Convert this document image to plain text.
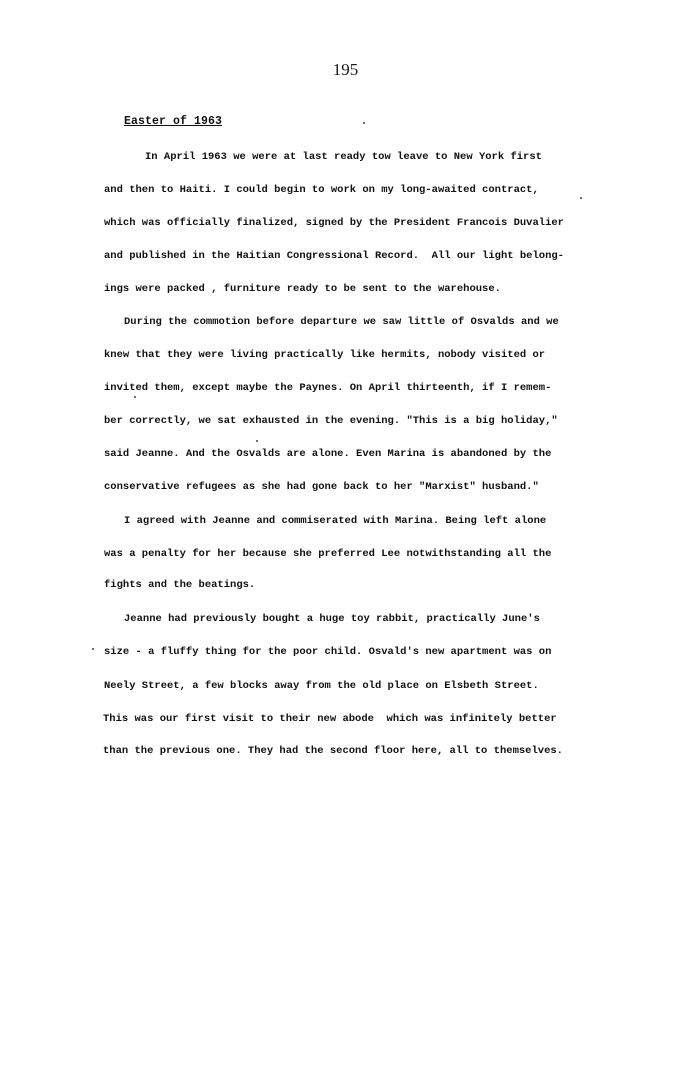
195
Easter of 1963
In April 1963 we were at last ready tow leave to New York first
and then to Haiti. I could begin to work on my long-awaited contract,
which was officially finalized, signed by the President Francois Duvalier
and published in the Haitian Congressional Record.  All our light belong-
ings were packed , furniture ready to be sent to the warehouse.
During the commotion before departure we saw little of Osvalds and we
knew that they were living practically like hermits, nobody visited or
invited them, except maybe the Paynes. On April thirteenth, if I remem-
ber correctly, we sat exhausted in the evening. "This is a big holiday,"
said Jeanne. And the Osvalds are alone. Even Marina is abandoned by the
conservative refugees as she had gone back to her "Marxist" husband."
I agreed with Jeanne and commiserated with Marina. Being left alone
was a penalty for her because she preferred Lee notwithstanding all the
fights and the beatings.
Jeanne had previously bought a huge toy rabbit, practically June's
size - a fluffy thing for the poor child. Osvald's new apartment was on
Neely Street, a few blocks away from the old place on Elsbeth Street.
This was our first visit to their new abode  which was infinitely better
than the previous one. They had the second floor here, all to themselves.
